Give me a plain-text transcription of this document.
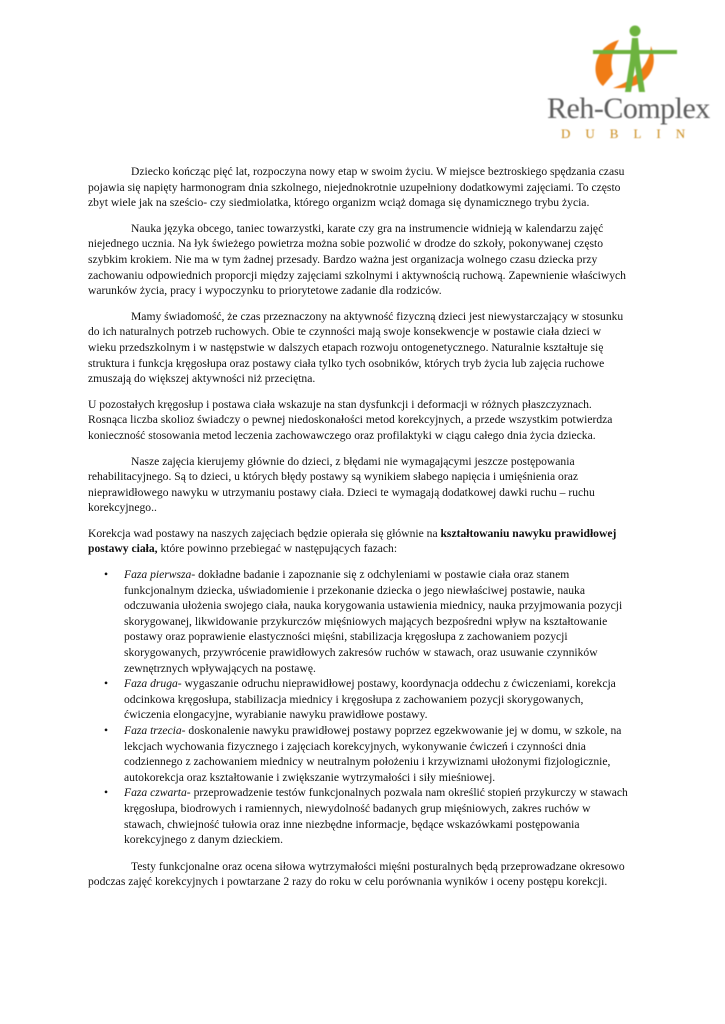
Reh-Complex
DUBLIN

Dziecko kończąc pięć lat, rozpoczyna nowy etap w swoim życiu. W miejsce beztroskiego spędzania czasu pojawia się napięty harmonogram dnia szkolnego, niejednokrotnie uzupełniony dodatkowymi zajęciami. To często zbyt wiele jak na sześcio- czy siedmiolatka, którego organizm wciąż domaga się dynamicznego trybu życia.

Nauka języka obcego, taniec towarzystki, karate czy gra na instrumencie widnieją w kalendarzu zajęć niejednego ucznia. Na łyk świeżego powietrza można sobie pozwolić w drodze do szkoły, pokonywanej często szybkim krokiem. Nie ma w tym żadnej przesady. Bardzo ważna jest organizacja wolnego czasu dziecka przy zachowaniu odpowiednich proporcji między zajęciami szkolnymi i aktywnością ruchową. Zapewnienie właściwych warunków życia, pracy i wypoczynku to priorytetowe zadanie dla rodziców.

Mamy świadomość, że czas przeznaczony na aktywność fizyczną dzieci jest niewystarczający w stosunku do ich naturalnych potrzeb ruchowych. Obie te czynności mają swoje konsekwencje w postawie ciała dzieci w wieku przedszkolnym i w następstwie w dalszych etapach rozwoju ontogenetycznego. Naturalnie kształtuje się struktura i funkcja kręgosłupa oraz postawy ciała tylko tych osobników, których tryb życia lub zajęcia ruchowe zmuszają do większej aktywności niż przeciętna.

U pozostałych kręgosłup i postawa ciała wskazuje na stan dysfunkcji i deformacji w różnych płaszczyznach. Rosnąca liczba skolioz świadczy o pewnej niedoskonałości metod korekcyjnych, a przede wszystkim potwierdza konieczność stosowania metod leczenia zachowawczego oraz profilaktyki w ciągu całego dnia życia dziecka.

Nasze zajęcia kierujemy głównie do dzieci, z błędami nie wymagającymi jeszcze postępowania rehabilitacyjnego. Są to dzieci, u których błędy postawy są wynikiem słabego napięcia i umięśnienia oraz nieprawidłowego nawyku w utrzymaniu postawy ciała. Dzieci te wymagają dodatkowej dawki ruchu – ruchu korekcyjnego..

Korekcja wad postawy na naszych zajęciach będzie opierała się głównie na kształtowaniu nawyku prawidłowej postawy ciała, które powinno przebiegać w następujących fazach:

• Faza pierwsza- dokładne badanie i zapoznanie się z odchyleniami w postawie ciała oraz stanem funkcjonalnym dziecka, uświadomienie i przekonanie dziecka o jego niewłaściwej postawie, nauka odczuwania ułożenia swojego ciała, nauka korygowania ustawienia miednicy, nauka przyjmowania pozycji skorygowanej, likwidowanie przykurczów mięśniowych mających bezpośredni wpływ na kształtowanie postawy oraz poprawienie elastyczności mięśni, stabilizacja kręgosłupa z zachowaniem pozycji skorygowanych, przywrócenie prawidłowych zakresów ruchów w stawach, oraz usuwanie czynników zewnętrznych wpływających na postawę.
• Faza druga- wygaszanie odruchu nieprawidłowej postawy, koordynacja oddechu z ćwiczeniami, korekcja odcinkowa kręgosłupa, stabilizacja miednicy i kręgosłupa z zachowaniem pozycji skorygowanych, ćwiczenia elongacyjne, wyrabianie nawyku prawidłowe postawy.
• Faza trzecia- doskonalenie nawyku prawidłowej postawy poprzez egzekwowanie jej w domu, w szkole, na lekcjach wychowania fizycznego i zajęciach korekcyjnych, wykonywanie ćwiczeń i czynności dnia codziennego z zachowaniem miednicy w neutralnym położeniu i krzywiznami ułożonymi fizjologicznie, autokorekcja oraz kształtowanie i zwiększanie wytrzymałości i siły mieśniowej.
• Faza czwarta- przeprowadzenie testów funkcjonalnych pozwala nam określić stopień przykurczy w stawach kręgosłupa, biodrowych i ramiennych, niewydolność badanych grup mięśniowych, zakres ruchów w stawach, chwiejność tułowia oraz inne niezbędne informacje, będące wskazówkami postępowania korekcyjnego z danym dzieckiem.

Testy funkcjonalne oraz ocena siłowa wytrzymałości mięśni posturalnych będą przeprowadzane okresowo podczas zajęć korekcyjnych i powtarzane 2 razy do roku w celu porównania wyników i oceny postępu korekcji.
